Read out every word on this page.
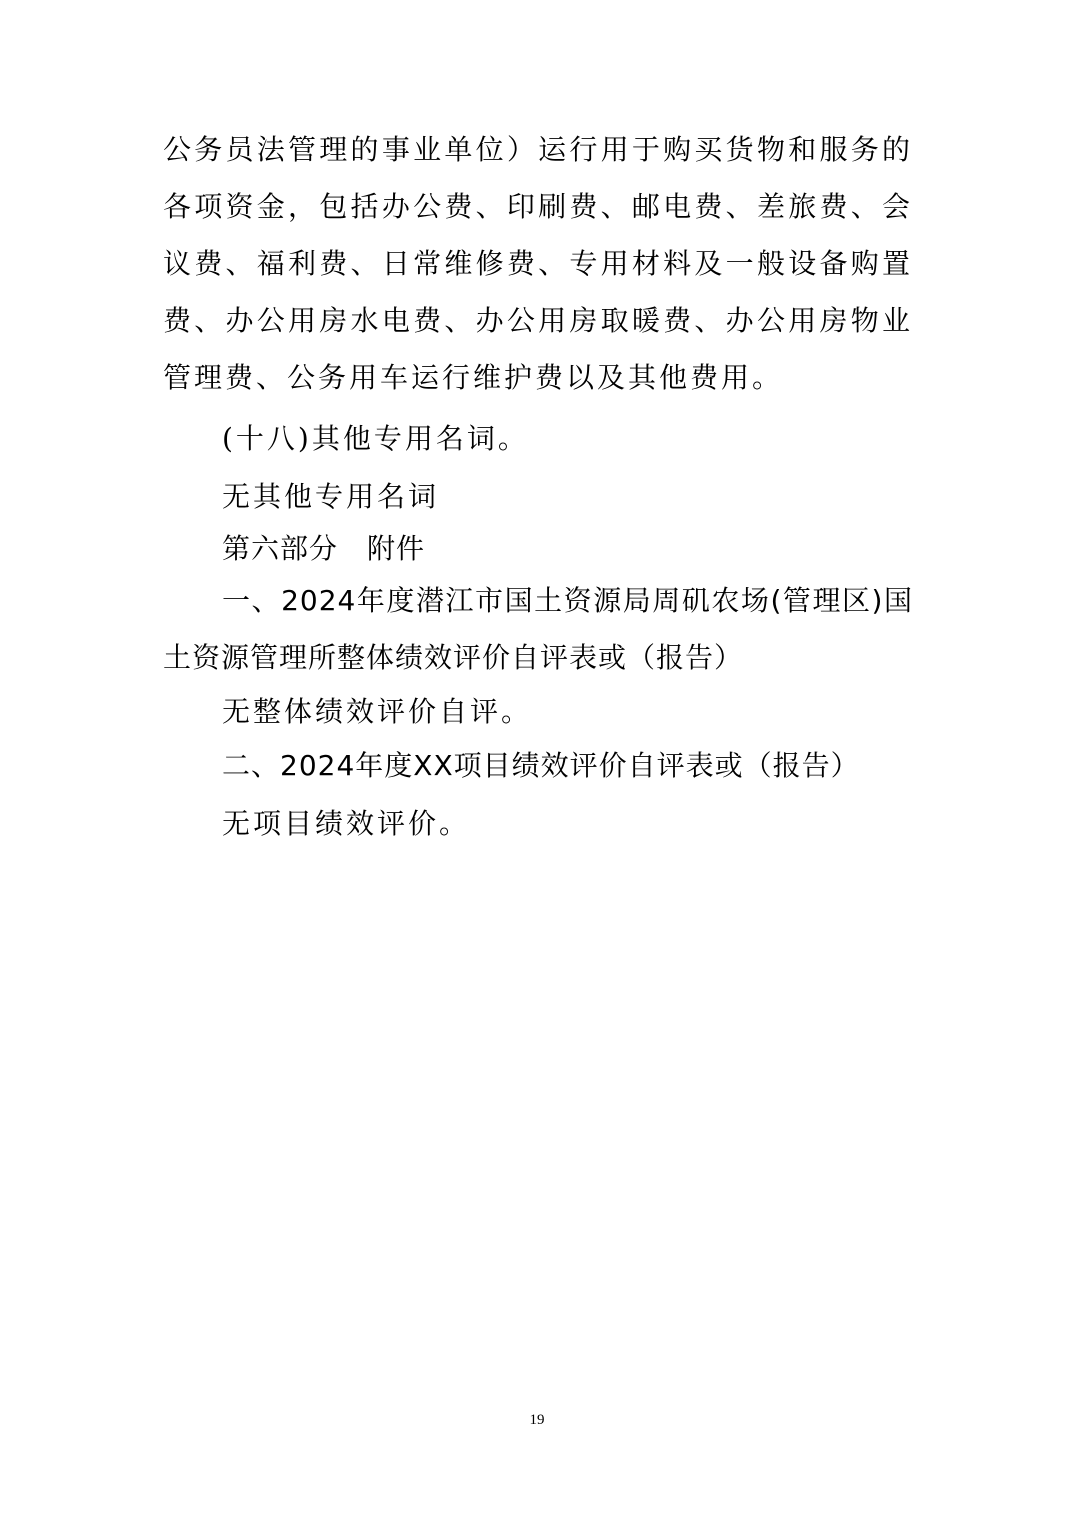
公务员法管理的事业单位）运行用于购买货物和服务的各项资金，包括办公费、印刷费、邮电费、差旅费、会议费、福利费、日常维修费、专用材料及一般设备购置费、办公用房水电费、办公用房取暖费、办公用房物业管理费、公务用车运行维护费以及其他费用。

(十八)其他专用名词。

无其他专用名词

第六部分　附件

一、2024年度潜江市国土资源局周矶农场(管理区)国土资源管理所整体绩效评价自评表或（报告）

无整体绩效评价自评。

二、2024年度XX项目绩效评价自评表或（报告）

无项目绩效评价。

19
